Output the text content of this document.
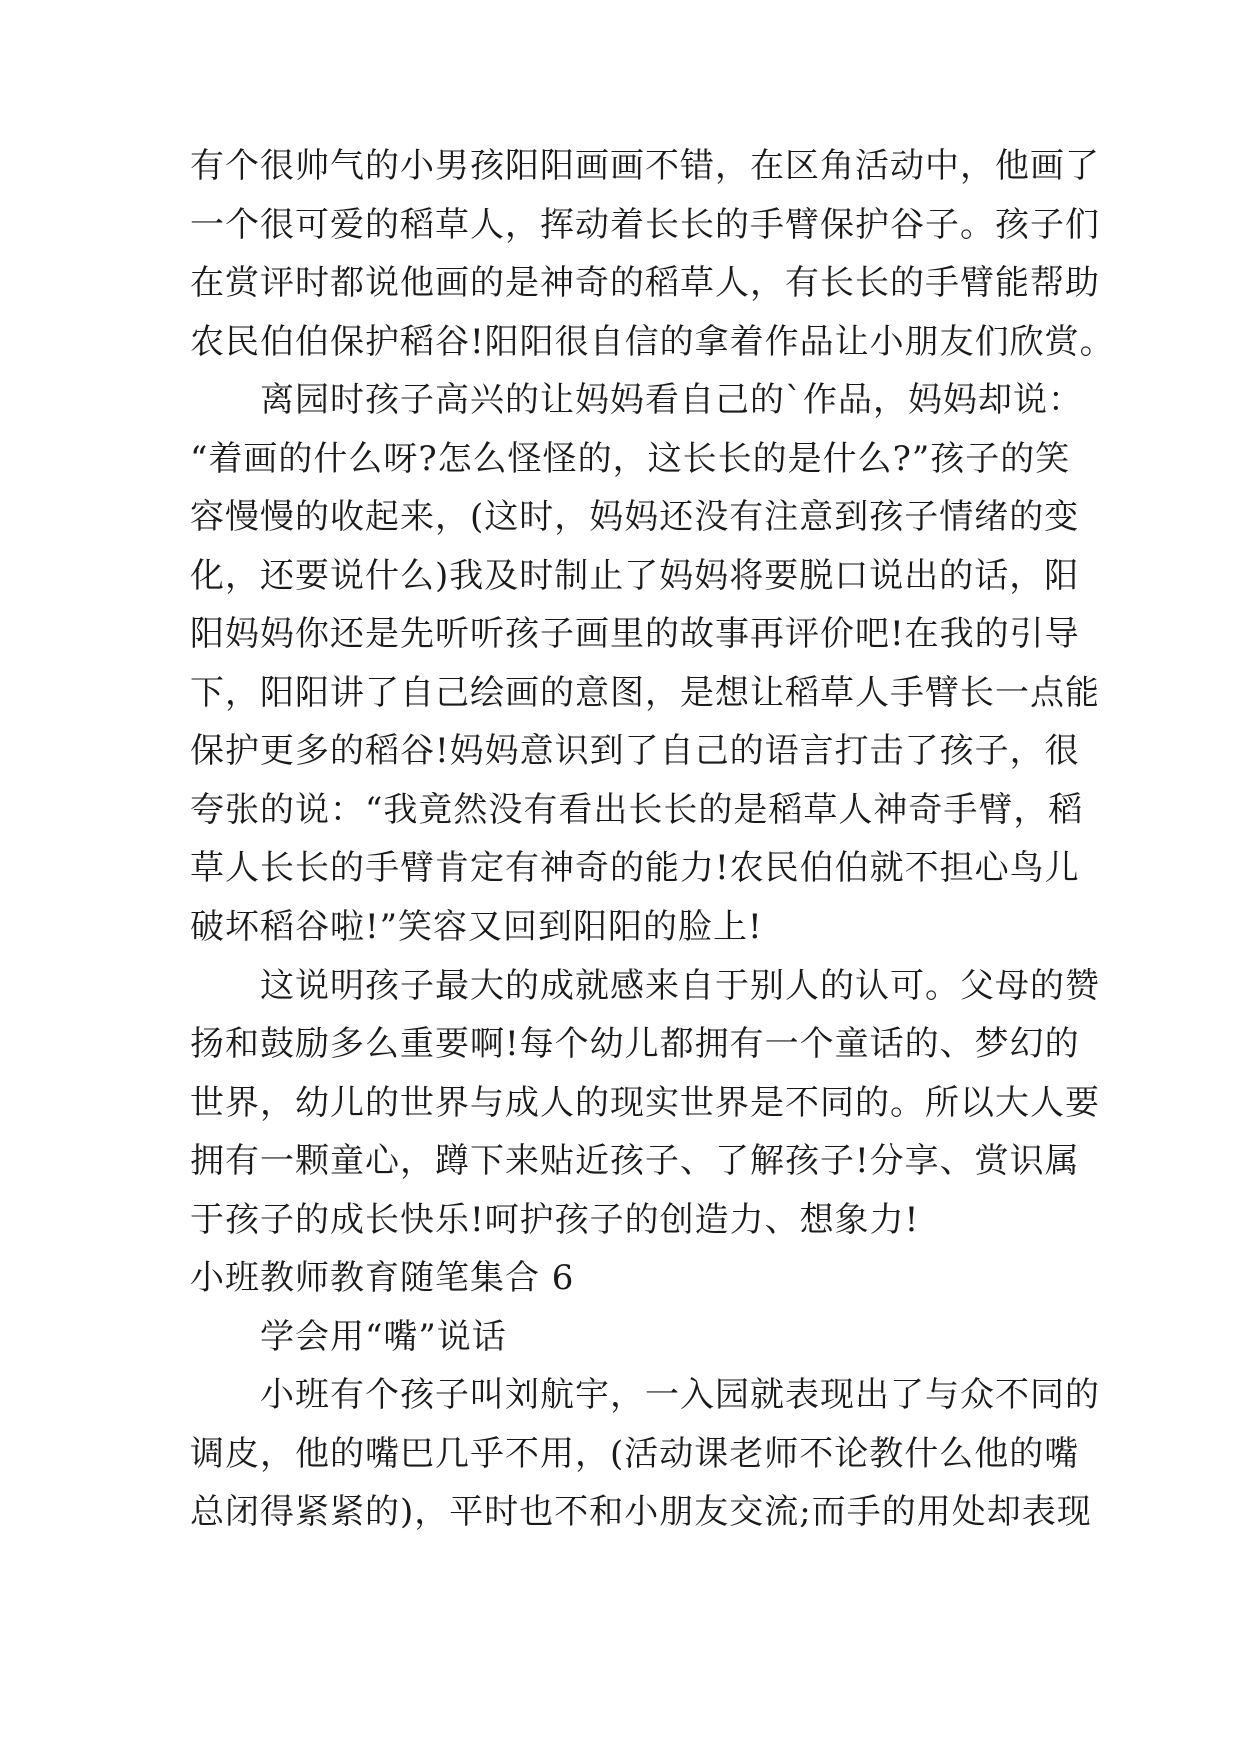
有个很帅气的小男孩阳阳画画不错，在区角活动中，他画了
一个很可爱的稻草人，挥动着长长的手臂保护谷子。孩子们
在赏评时都说他画的是神奇的稻草人，有长长的手臂能帮助
农民伯伯保护稻谷!阳阳很自信的拿着作品让小朋友们欣赏。
　　离园时孩子高兴的让妈妈看自己的`作品，妈妈却说：
“着画的什么呀?怎么怪怪的，这长长的是什么?”孩子的笑
容慢慢的收起来，(这时，妈妈还没有注意到孩子情绪的变
化，还要说什么)我及时制止了妈妈将要脱口说出的话，阳
阳妈妈你还是先听听孩子画里的故事再评价吧!在我的引导
下，阳阳讲了自己绘画的意图，是想让稻草人手臂长一点能
保护更多的稻谷!妈妈意识到了自己的语言打击了孩子，很
夸张的说：“我竟然没有看出长长的是稻草人神奇手臂，稻
草人长长的手臂肯定有神奇的能力!农民伯伯就不担心鸟儿
破坏稻谷啦!”笑容又回到阳阳的脸上!
　　这说明孩子最大的成就感来自于别人的认可。父母的赞
扬和鼓励多么重要啊!每个幼儿都拥有一个童话的、梦幻的
世界，幼儿的世界与成人的现实世界是不同的。所以大人要
拥有一颗童心，蹲下来贴近孩子、了解孩子!分享、赏识属
于孩子的成长快乐!呵护孩子的创造力、想象力!
小班教师教育随笔集合 6
　　学会用“嘴”说话
　　小班有个孩子叫刘航宇，一入园就表现出了与众不同的
调皮，他的嘴巴几乎不用，(活动课老师不论教什么他的嘴
总闭得紧紧的)，平时也不和小朋友交流;而手的用处却表现
